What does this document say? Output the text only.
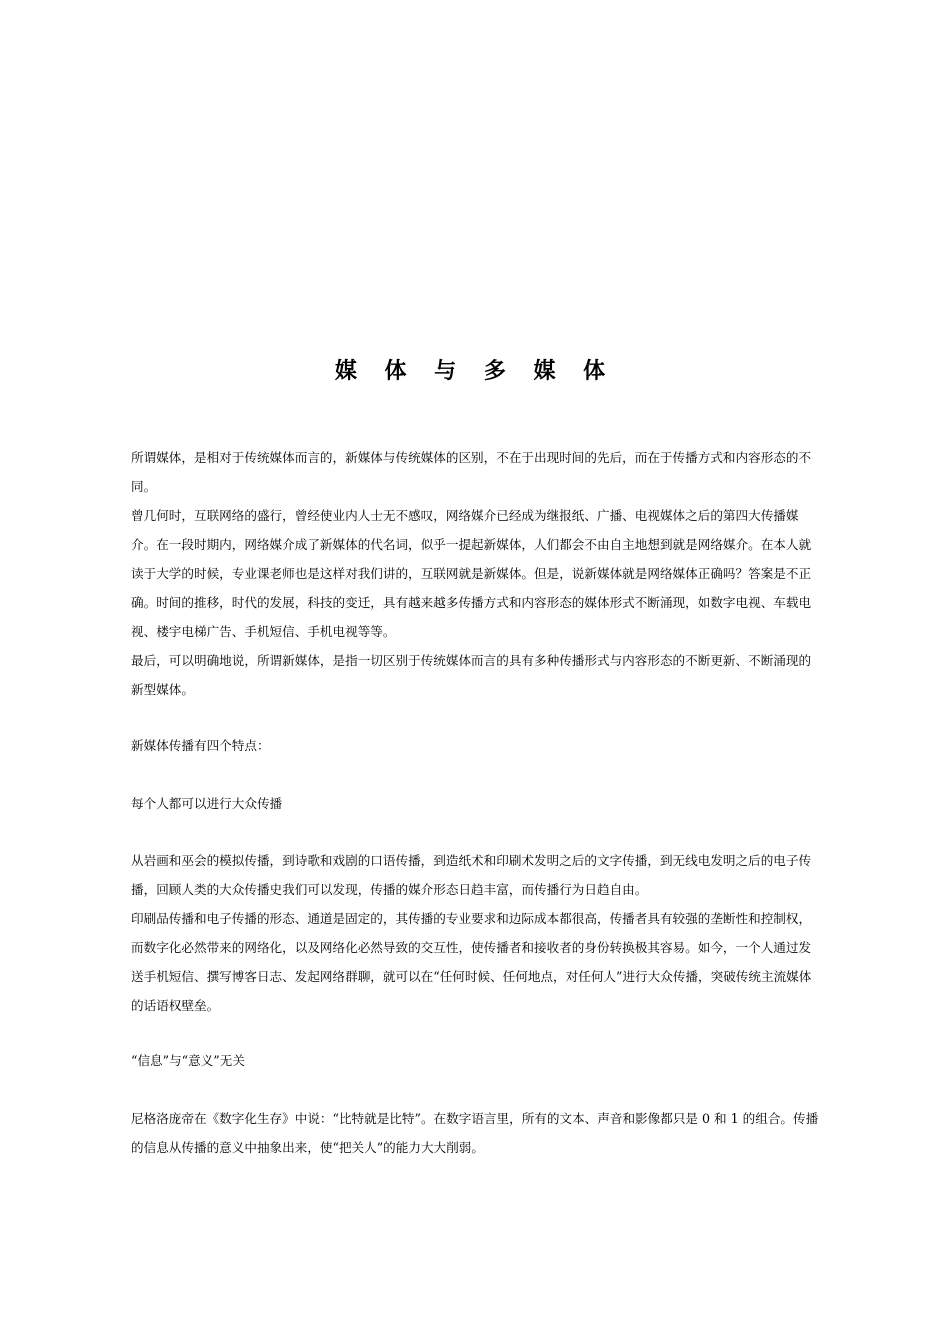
媒 体 与 多 媒 体

所谓媒体，是相对于传统媒体而言的，新媒体与传统媒体的区别，不在于出现时间的先后，而在于传播方式和内容形态的不同。

曾几何时，互联网络的盛行，曾经使业内人士无不感叹，网络媒介已经成为继报纸、广播、电视媒体之后的第四大传播媒介。在一段时期内，网络媒介成了新媒体的代名词，似乎一提起新媒体，人们都会不由自主地想到就是网络媒介。在本人就读于大学的时候，专业课老师也是这样对我们讲的，互联网就是新媒体。但是，说新媒体就是网络媒体正确吗？答案是不正确。时间的推移，时代的发展，科技的变迁，具有越来越多传播方式和内容形态的媒体形式不断涌现，如数字电视、车载电视、楼宇电梯广告、手机短信、手机电视等等。

最后，可以明确地说，所谓新媒体，是指一切区别于传统媒体而言的具有多种传播形式与内容形态的不断更新、不断涌现的新型媒体。

新媒体传播有四个特点：

每个人都可以进行大众传播

从岩画和巫会的模拟传播，到诗歌和戏剧的口语传播，到造纸术和印刷术发明之后的文字传播，到无线电发明之后的电子传播，回顾人类的大众传播史我们可以发现，传播的媒介形态日趋丰富，而传播行为日趋自由。

印刷品传播和电子传播的形态、通道是固定的，其传播的专业要求和边际成本都很高，传播者具有较强的垄断性和控制权，而数字化必然带来的网络化，以及网络化必然导致的交互性，使传播者和接收者的身份转换极其容易。如今，一个人通过发送手机短信、撰写博客日志、发起网络群聊，就可以在“任何时候、任何地点，对任何人”进行大众传播，突破传统主流媒体的话语权壁垒。

“信息”与“意义”无关

尼格洛庞帝在《数字化生存》中说：“比特就是比特”。在数字语言里，所有的文本、声音和影像都只是 0 和 1 的组合。传播的信息从传播的意义中抽象出来，使“把关人”的能力大大削弱。
